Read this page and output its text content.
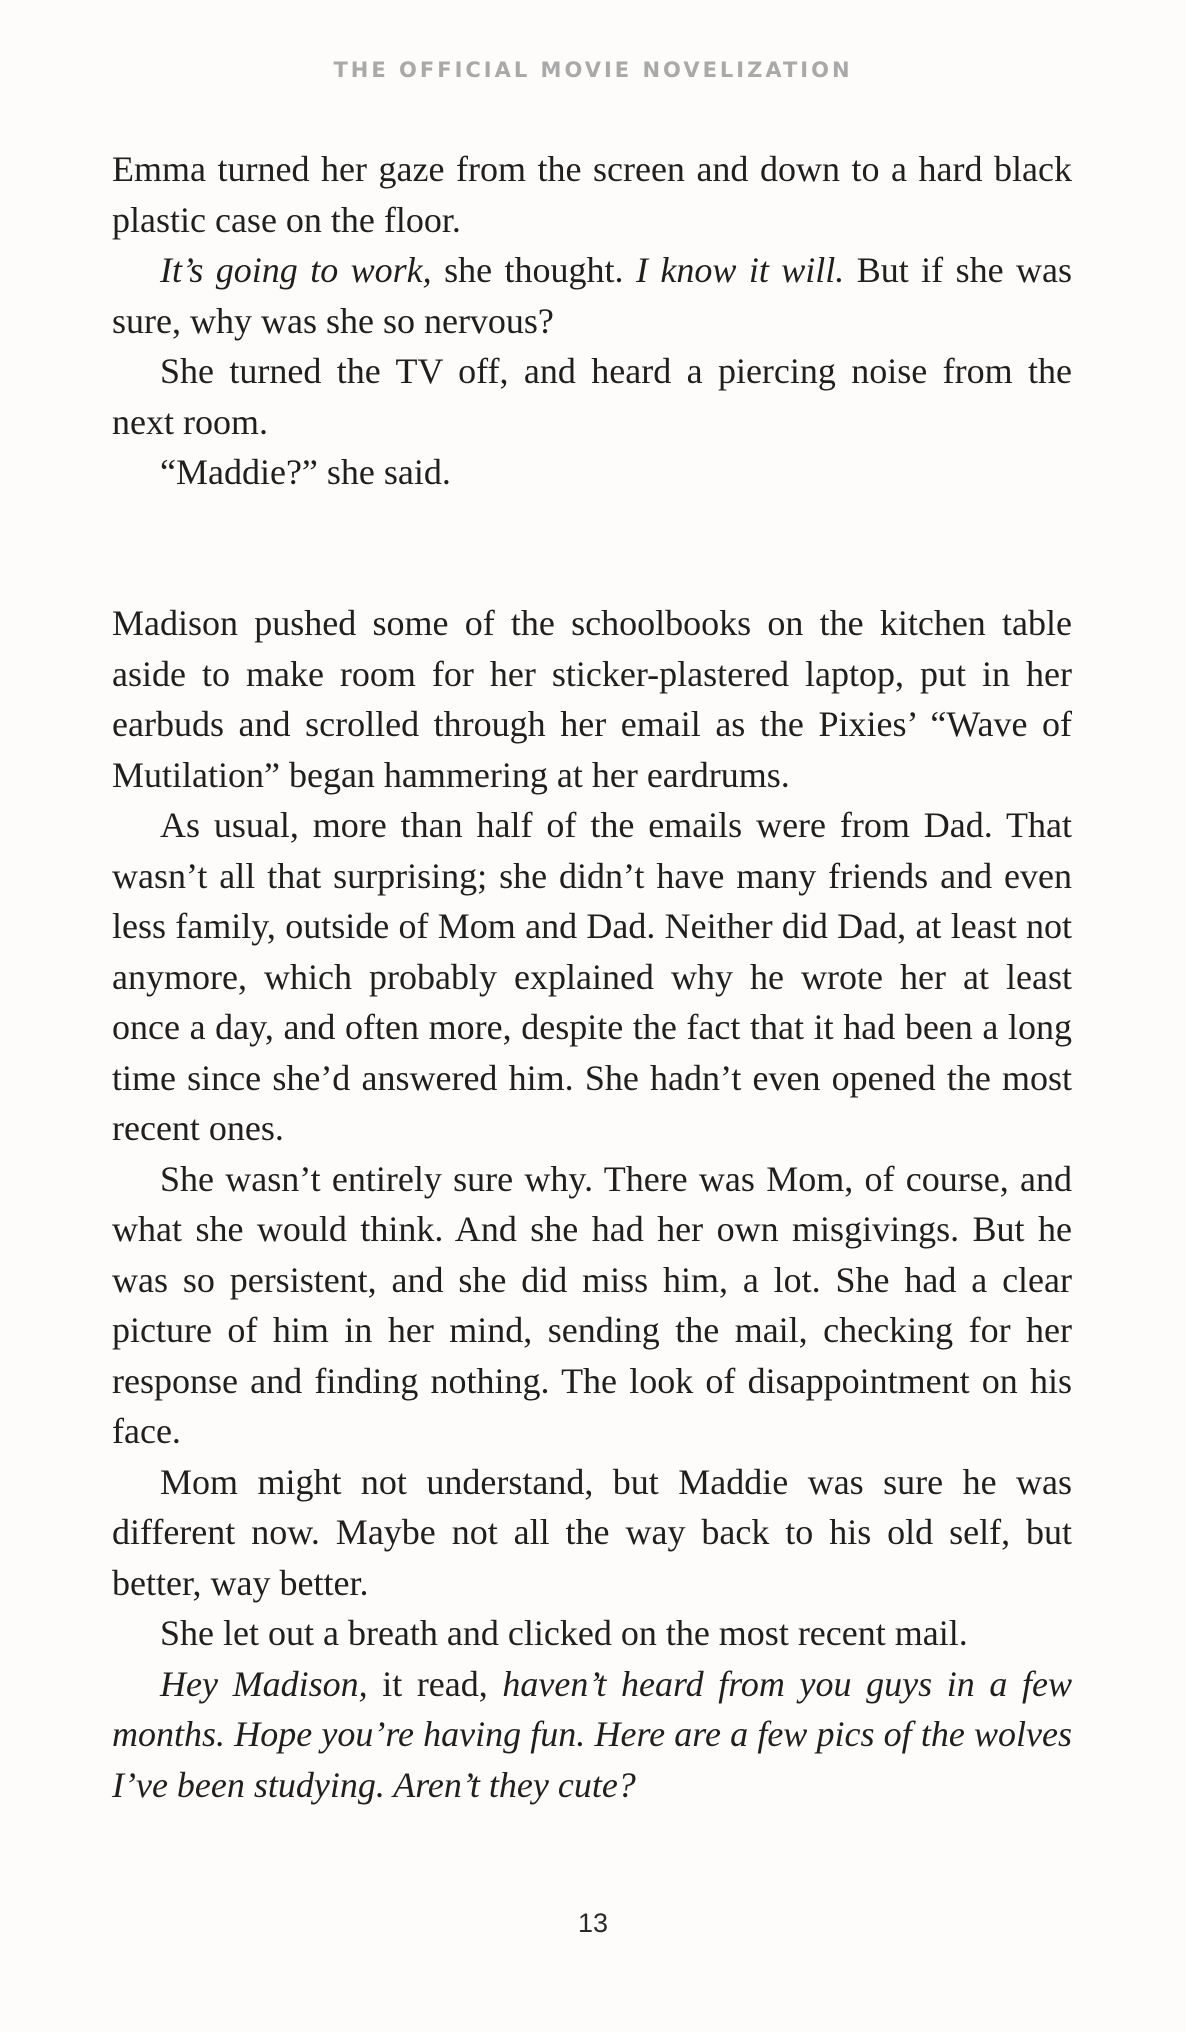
THE OFFICIAL MOVIE NOVELIZATION

Emma turned her gaze from the screen and down to a hard black plastic case on the floor.

It’s going to work, she thought. I know it will. But if she was sure, why was she so nervous?

She turned the TV off, and heard a piercing noise from the next room.

“Maddie?” she said.

Madison pushed some of the schoolbooks on the kitchen table aside to make room for her sticker-plastered laptop, put in her earbuds and scrolled through her email as the Pixies’ “Wave of Mutilation” began hammering at her eardrums.

As usual, more than half of the emails were from Dad. That wasn’t all that surprising; she didn’t have many friends and even less family, outside of Mom and Dad. Neither did Dad, at least not anymore, which probably explained why he wrote her at least once a day, and often more, despite the fact that it had been a long time since she’d answered him. She hadn’t even opened the most recent ones.

She wasn’t entirely sure why. There was Mom, of course, and what she would think. And she had her own misgivings. But he was so persistent, and she did miss him, a lot. She had a clear picture of him in her mind, sending the mail, checking for her response and finding nothing. The look of disappointment on his face.

Mom might not understand, but Maddie was sure he was different now. Maybe not all the way back to his old self, but better, way better.

She let out a breath and clicked on the most recent mail.

Hey Madison, it read, haven’t heard from you guys in a few months. Hope you’re having fun. Here are a few pics of the wolves I’ve been studying. Aren’t they cute?

13
